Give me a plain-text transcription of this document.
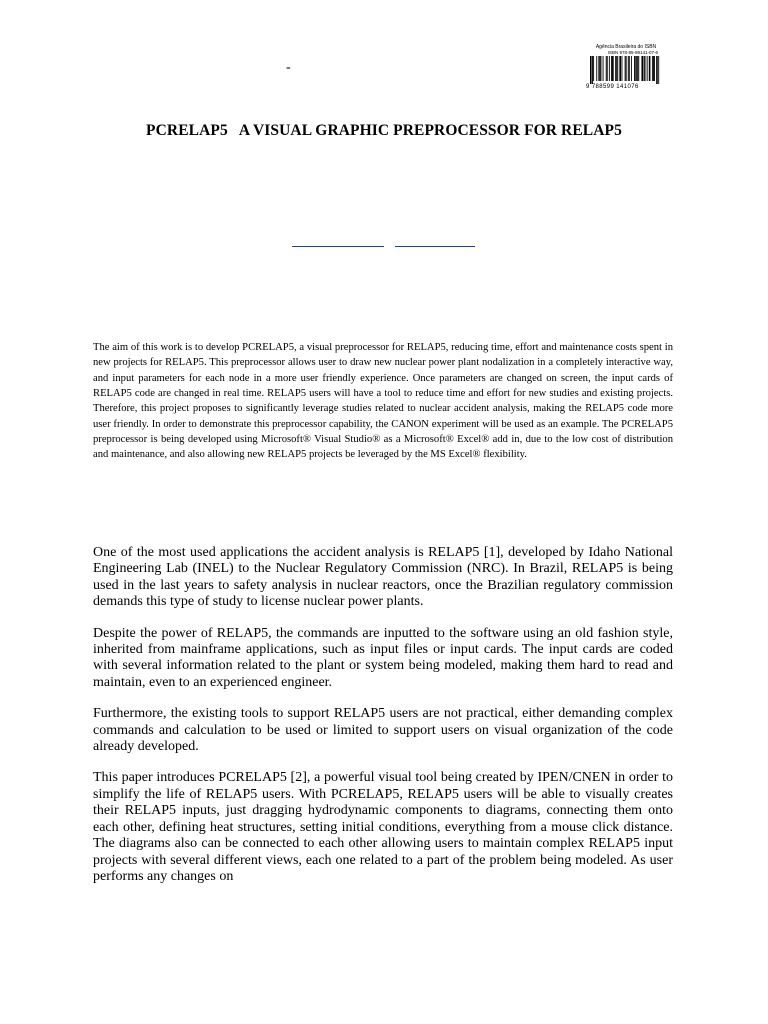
-
Agência Brasileira do ISBN
ISBN 978-85-99141-07-6
9 788599 141076
PCRELAP5   A VISUAL GRAPHIC PREPROCESSOR FOR RELAP5

The aim of this work is to develop PCRELAP5, a visual preprocessor for RELAP5, reducing time, effort and maintenance costs spent in new projects for RELAP5. This preprocessor allows user to draw new nuclear power plant nodalization in a completely interactive way, and input parameters for each node in a more user friendly experience. Once parameters are changed on screen, the input cards of RELAP5 code are changed in real time. RELAP5 users will have a tool to reduce time and effort for new studies and existing projects. Therefore, this project proposes to significantly leverage studies related to nuclear accident analysis, making the RELAP5 code more user friendly. In order to demonstrate this preprocessor capability, the CANON experiment will be used as an example. The PCRELAP5 preprocessor is being developed using Microsoft® Visual Studio® as a Microsoft® Excel® add in, due to the low cost of distribution and maintenance, and also allowing new RELAP5 projects be leveraged by the MS Excel® flexibility.

One of the most used applications the accident analysis is RELAP5 [1], developed by Idaho National Engineering Lab (INEL) to the Nuclear Regulatory Commission (NRC). In Brazil, RELAP5 is being used in the last years to safety analysis in nuclear reactors, once the Brazilian regulatory commission demands this type of study to license nuclear power plants.

Despite the power of RELAP5, the commands are inputted to the software using an old fashion style, inherited from mainframe applications, such as input files or input cards. The input cards are coded with several information related to the plant or system being modeled, making them hard to read and maintain, even to an experienced engineer.

Furthermore, the existing tools to support RELAP5 users are not practical, either demanding complex commands and calculation to be used or limited to support users on visual organization of the code already developed.

This paper introduces PCRELAP5 [2], a powerful visual tool being created by IPEN/CNEN in order to simplify the life of RELAP5 users. With PCRELAP5, RELAP5 users will be able to visually creates their RELAP5 inputs, just dragging hydrodynamic components to diagrams, connecting them onto each other, defining heat structures, setting initial conditions, everything from a mouse click distance. The diagrams also can be connected to each other allowing users to maintain complex RELAP5 input projects with several different views, each one related to a part of the problem being modeled. As user performs any changes on
